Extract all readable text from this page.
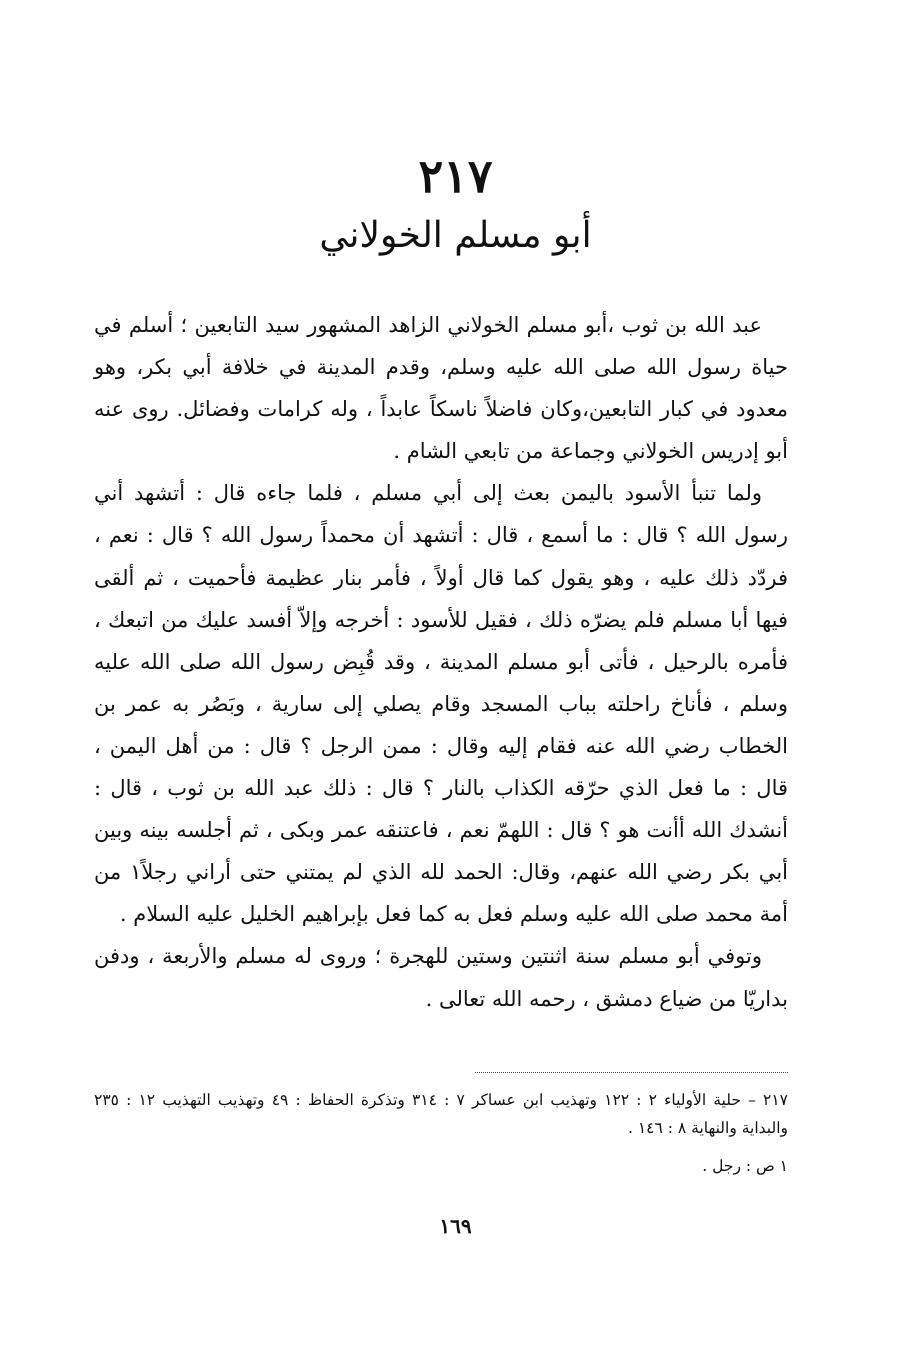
٢١٧
أبو مسلم الخولاني

عبد الله بن ثوب ،أبو مسلم الخولاني الزاهد المشهور سيد التابعين ؛ أسلم في حياة رسول الله صلى الله عليه وسلم، وقدم المدينة في خلافة أبي بكر، وهو معدود في كبار التابعين،وكان فاضلاً ناسكاً عابداً ، وله كرامات وفضائل. روى عنه أبو إدريس الخولاني وجماعة من تابعي الشام .

ولما تنبأ الأسود باليمن بعث إلى أبي مسلم ، فلما جاءه قال : أتشهد أني رسول الله ؟ قال : ما أسمع ، قال : أتشهد أن محمداً رسول الله ؟ قال : نعم ، فردّد ذلك عليه ، وهو يقول كما قال أولاً ، فأمر بنار عظيمة فأحميت ، ثم ألقى فيها أبا مسلم فلم يضرّه ذلك ، فقيل للأسود : أخرجه وإلاّ أفسد عليك من اتبعك ، فأمره بالرحيل ، فأتى أبو مسلم المدينة ، وقد قُبِض رسول الله صلى الله عليه وسلم ، فأناخ راحلته بباب المسجد وقام يصلي إلى سارية ، وبَصُر به عمر بن الخطاب رضي الله عنه فقام إليه وقال : ممن الرجل ؟ قال : من أهل اليمن ، قال : ما فعل الذي حرّقه الكذاب بالنار ؟ قال : ذلك عبد الله بن ثوب ، قال : أنشدك الله أأنت هو ؟ قال : اللهمّ نعم ، فاعتنقه عمر وبكى ، ثم أجلسه بينه وبين أبي بكر رضي الله عنهم، وقال: الحمد لله الذي لم يمتني حتى أراني رجلاً١ من أمة محمد صلى الله عليه وسلم فعل به كما فعل بإبراهيم الخليل عليه السلام .

وتوفي أبو مسلم سنة اثنتين وستين للهجرة ؛ وروى له مسلم والأربعة ، ودفن بداريّا من ضياع دمشق ، رحمه الله تعالى .

٢١٧ – حلية الأولياء ٢ : ١٢٢ وتهذيب ابن عساكر ٧ : ٣١٤ وتذكرة الحفاظ : ٤٩ وتهذيب التهذيب ١٢ : ٢٣٥ والبداية والنهاية ٨ : ١٤٦ .

١ ص : رجل .

١٦٩
